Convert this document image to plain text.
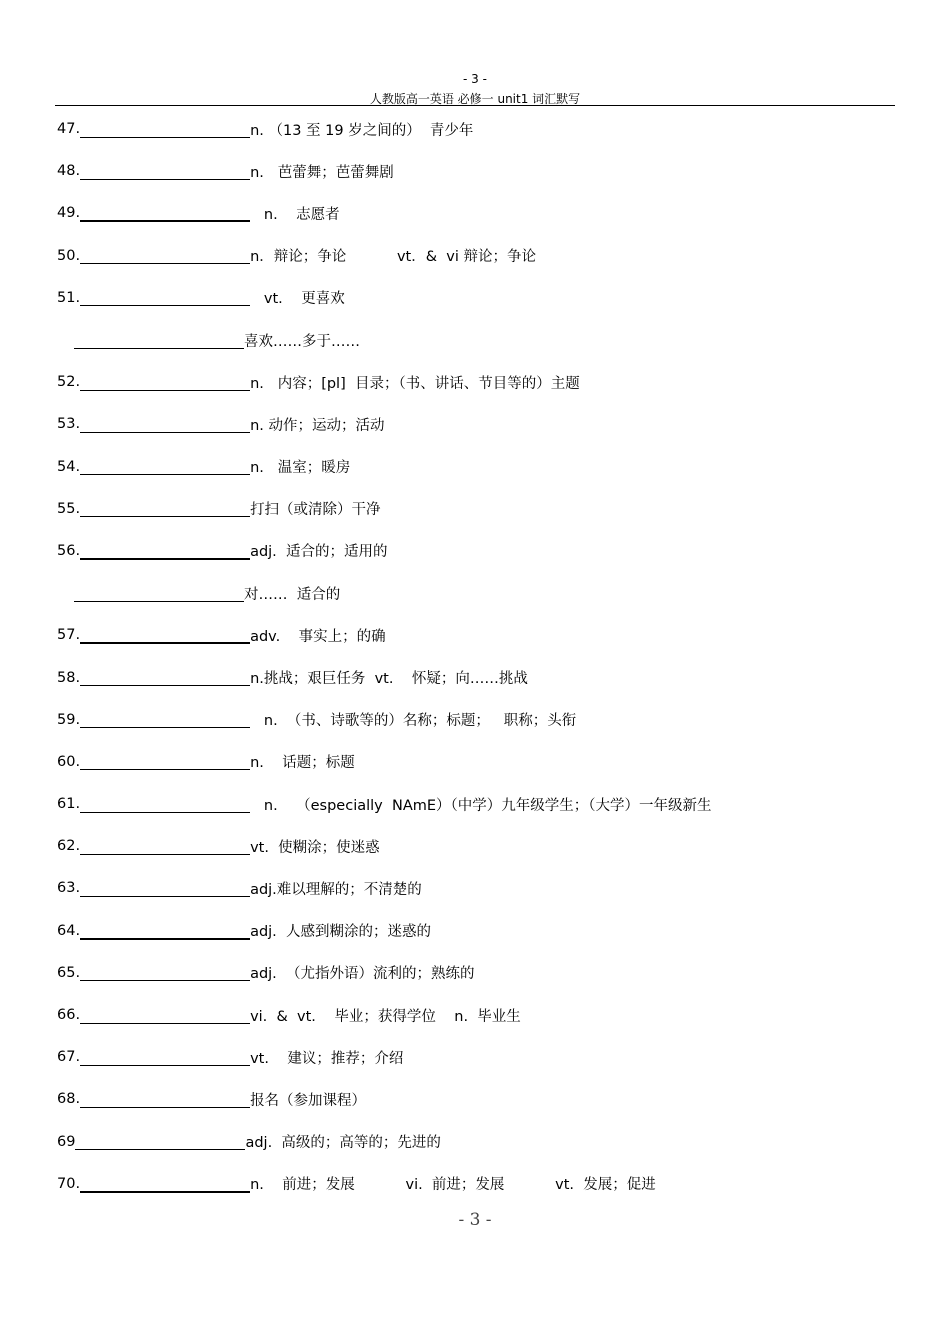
- 3 -
人教版高一英语 必修一 unit1 词汇默写
47.	n. （13 至 19 岁之间的）  青少年
48.	n.   芭蕾舞；芭蕾舞剧
49.	n.    志愿者
50.	n．辩论；争论           vt．&  vi 辩论；争论
51.	vt.    更喜欢
喜欢……多于……
52.	n.   内容；[pl]  目录；（书、讲话、节目等的）主题
53.	n. 动作；运动；活动
54.	n.   温室；暖房
55.	打扫（或清除）干净
56.	adj.  适合的；适用的
对……  适合的
57.	adv.    事实上；的确
58.	n.挑战；艰巨任务  vt.    怀疑；向……挑战
59.	n.  （书、诗歌等的）名称；标题；   职称；头衔
60.	n.    话题；标题
61.	n.    （especially  NAmE）（中学）九年级学生；（大学）一年级新生
62.	vt.  使糊涂；使迷惑
63.	adj.难以理解的；不清楚的
64.	adj.  人感到糊涂的；迷惑的
65.	adj.  （尤指外语）流利的；熟练的
66.	vi.  &  vt.    毕业；获得学位    n.  毕业生
67.	vt.    建议；推荐；介绍
68.	报名（参加课程）
69	adj.  高级的；高等的；先进的
70.	n.    前进；发展           vi.  前进；发展           vt.  发展；促进
- 3 -
